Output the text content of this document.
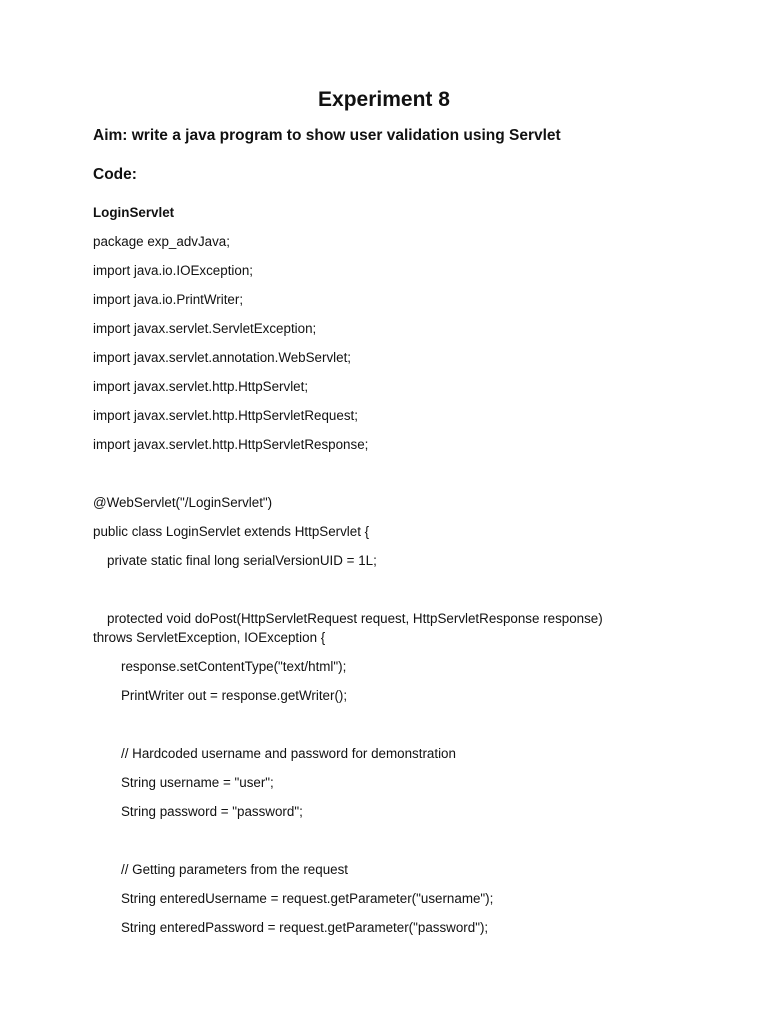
Experiment 8
Aim: write a java program to show user validation using Servlet
Code:
LoginServlet
package exp_advJava;
import java.io.IOException;
import java.io.PrintWriter;
import javax.servlet.ServletException;
import javax.servlet.annotation.WebServlet;
import javax.servlet.http.HttpServlet;
import javax.servlet.http.HttpServletRequest;
import javax.servlet.http.HttpServletResponse;
@WebServlet("/LoginServlet")
public class LoginServlet extends HttpServlet {
private static final long serialVersionUID = 1L;
protected void doPost(HttpServletRequest request, HttpServletResponse response)
throws ServletException, IOException {
response.setContentType("text/html");
PrintWriter out = response.getWriter();
// Hardcoded username and password for demonstration
String username = "user";
String password = "password";
// Getting parameters from the request
String enteredUsername = request.getParameter("username");
String enteredPassword = request.getParameter("password");
